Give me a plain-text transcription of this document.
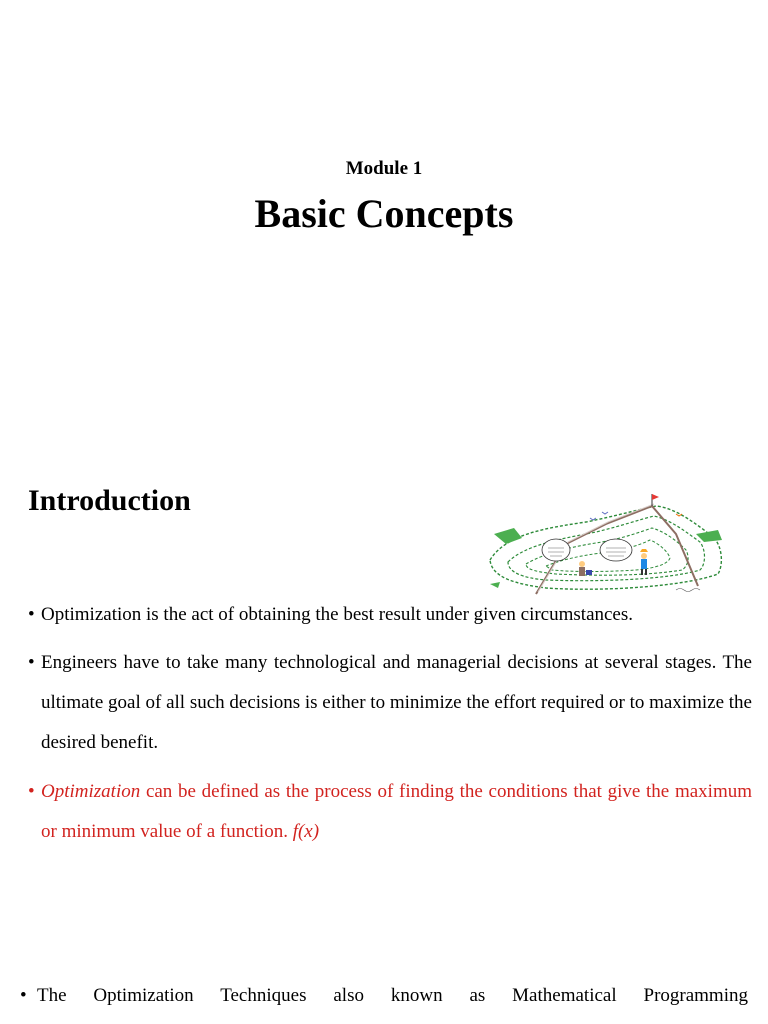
Module 1
Basic Concepts
Introduction
• Optimization is the act of obtaining the best result under given circumstances.
• Engineers have to take many technological and managerial decisions at several stages. The ultimate goal of all such decisions is either to minimize the effort required or to maximize the desired benefit.
• Optimization can be defined as the process of finding the conditions that give the maximum or minimum value of a function. f(x)
• The Optimization Techniques also known as Mathematical Programming
